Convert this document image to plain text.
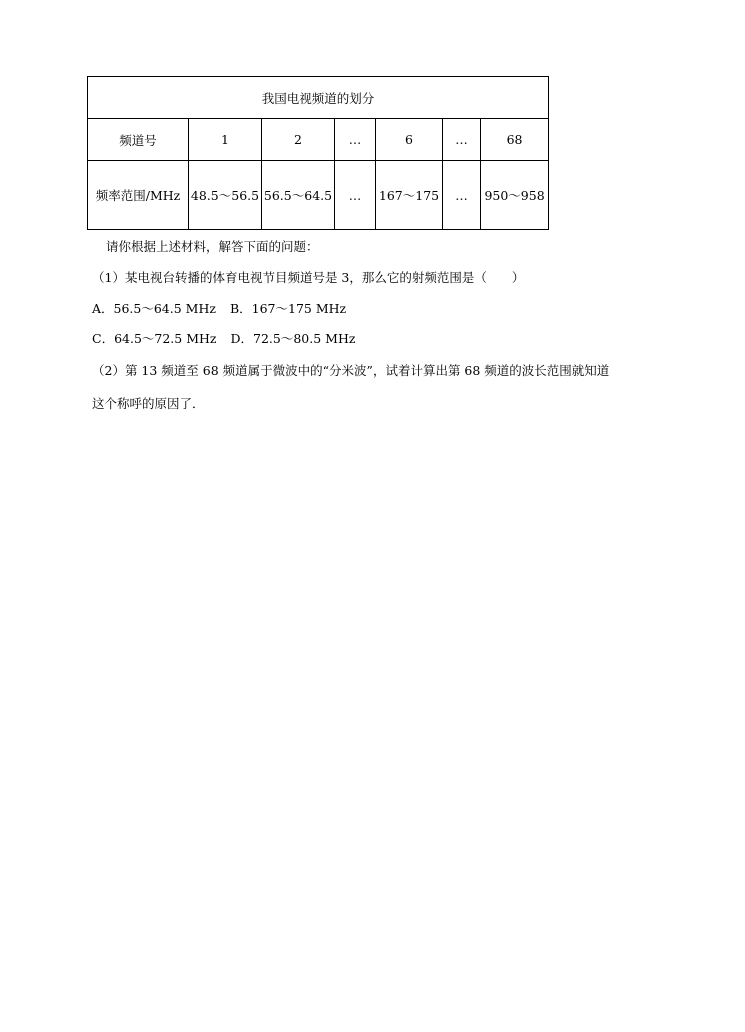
我国电视频道的划分						
频道号	1	2	…	6	…	68
频率范围/MHz	48.5～56.5	56.5～64.5	…	167～175	…	950～958
请你根据上述材料，解答下面的问题：
（1）某电视台转播的体育电视节目频道号是 3，那么它的射频范围是（　　）
A．56.5～64.5 MHz B．167～175 MHz
C．64.5～72.5 MHz D．72.5～80.5 MHz
（2）第 13 频道至 68 频道属于微波中的“分米波”，试着计算出第 68 频道的波长范围就知道
这个称呼的原因了．
